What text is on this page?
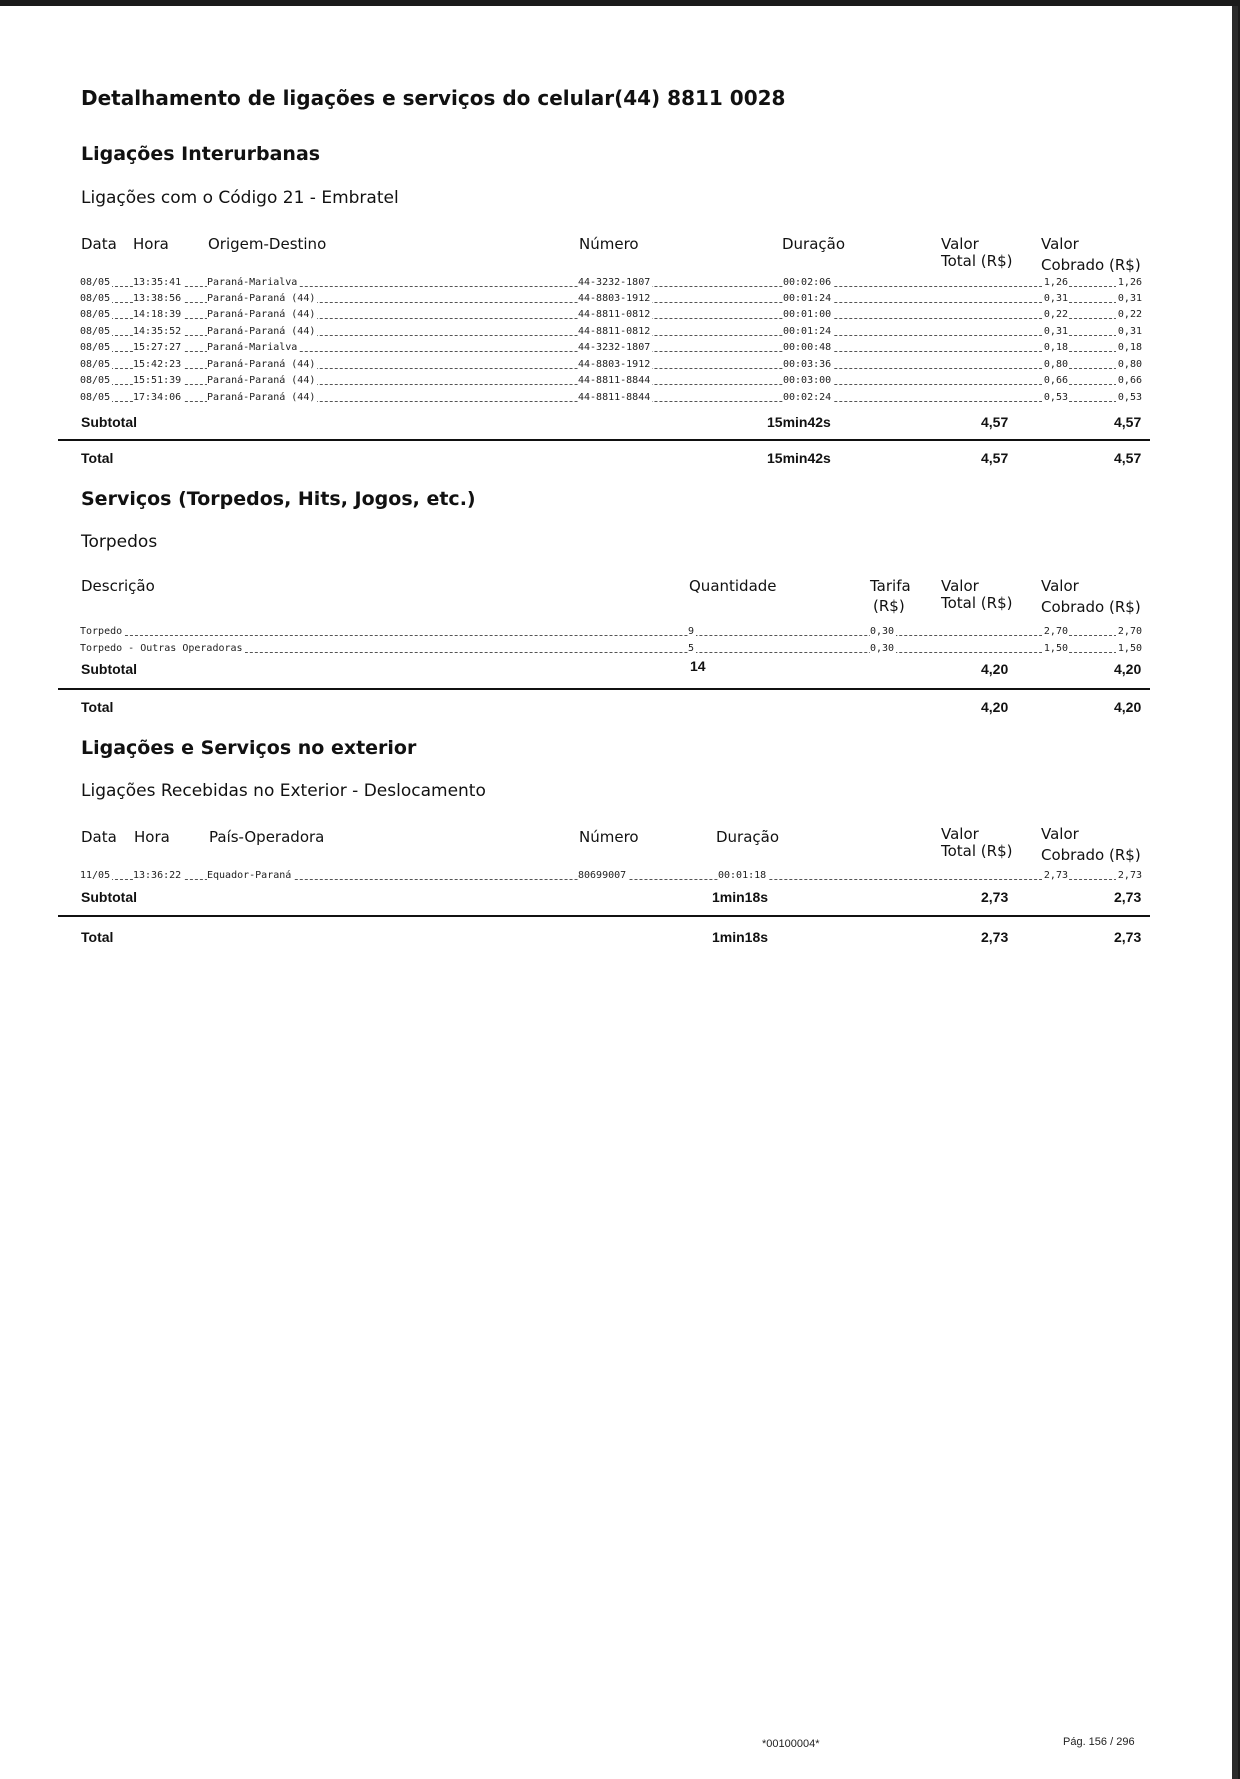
Detalhamento de ligações e serviços do celular(44) 8811 0028
Ligações Interurbanas
Ligações com o Código 21 - Embratel
Data Hora	Origem-Destino	Número	Duração	Valor
Total (R$)
Valor
Cobrado (R$)
08/05 13:35:41	Paraná-Marialva	44-3232-1807	00:02:06	1,26	1,26
08/05 13:38:56	Paraná-Paraná (44)	44-8803-1912	00:01:24	0,31	0,31
08/05 14:18:39	Paraná-Paraná (44)	44-8811-0812	00:01:00	0,22	0,22
08/05 14:35:52	Paraná-Paraná (44)	44-8811-0812	00:01:24	0,31	0,31
08/05 15:27:27	Paraná-Marialva	44-3232-1807	00:00:48	0,18	0,18
08/05 15:42:23	Paraná-Paraná (44)	44-8803-1912	00:03:36	0,80	0,80
08/05 15:51:39	Paraná-Paraná (44)	44-8811-8844	00:03:00	0,66	0,66
08/05 17:34:06	Paraná-Paraná (44)	44-8811-8844	00:02:24	0,53	0,53
Subtotal	15min42s	4,57	4,57
Total	15min42s	4,57	4,57
Serviços (Torpedos, Hits, Jogos, etc.)
Torpedos
Descrição	Quantidade	Tarifa
(R$)
Valor
Total (R$)
Valor
Cobrado (R$)
Torpedo	9	0,30	2,70	2,70
Torpedo - Outras Operadoras	5	0,30	1,50	1,50
Subtotal	14	4,20	4,20
Total	4,20	4,20
Ligações e Serviços no exterior
Ligações Recebidas no Exterior - Deslocamento
Data Hora	País-Operadora	Número	Duração	Valor
Total (R$)
Valor
Cobrado (R$)
11/05 13:36:22	Equador-Paraná	80699007	00:01:18	2,73	2,73
Subtotal	1min18s	2,73	2,73
Total	1min18s	2,73	2,73
*00100004*	Pág. 156 / 296
